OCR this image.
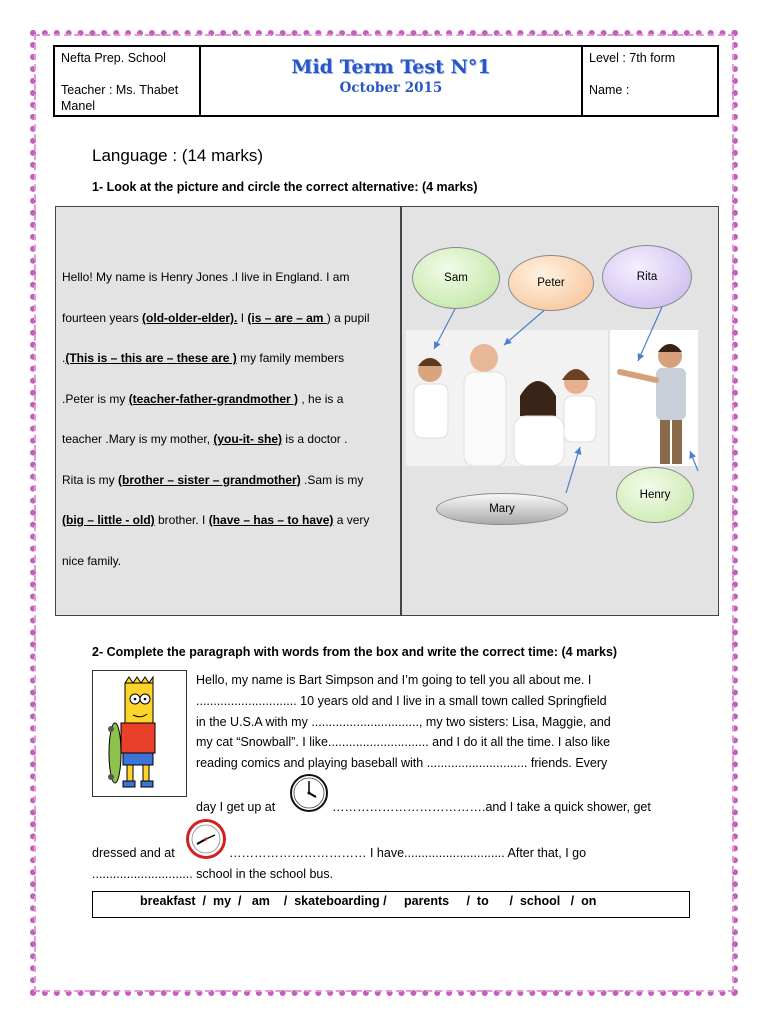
Nefta Prep. School
Teacher : Ms. Thabet Manel
Mid Term Test N°1
October 2015
Level : 7th form
Name :
Language : (14 marks)
1- Look at the picture and circle the correct alternative: (4 marks)
Hello! My name is Henry Jones .I live in England. I am
fourteen years (old-older-elder). I (is – are – am ) a pupil
.(This is – this are – these are ) my family members
.Peter is my (teacher-father-grandmother ) , he is a
teacher .Mary is my mother, (you-it- she) is a doctor .
Rita is my (brother – sister – grandmother) .Sam is my
(big – little - old) brother. I (have – has – to have) a very
nice family.
Sam	Peter	Rita
Mary
Henry
2- Complete the paragraph with words from the box and write the correct time: (4 marks)
Hello, my name is Bart Simpson and I’m going to tell you all about me. I
............................. 10 years old and I live in a small town called Springfield
in the U.S.A with my ..............................., my two sisters: Lisa, Maggie, and
my cat “Snowball”. I like............................. and I do it all the time. I also like
reading comics and playing baseball with ............................. friends. Every
day I get up at	……………………………….and I take a quick shower, get
dressed and at	…………………………… I have............................. After that, I go
............................. school in the school bus.
breakfast  /  my  /   am    /  skateboarding /     parents     /  to      /  school   /  on
